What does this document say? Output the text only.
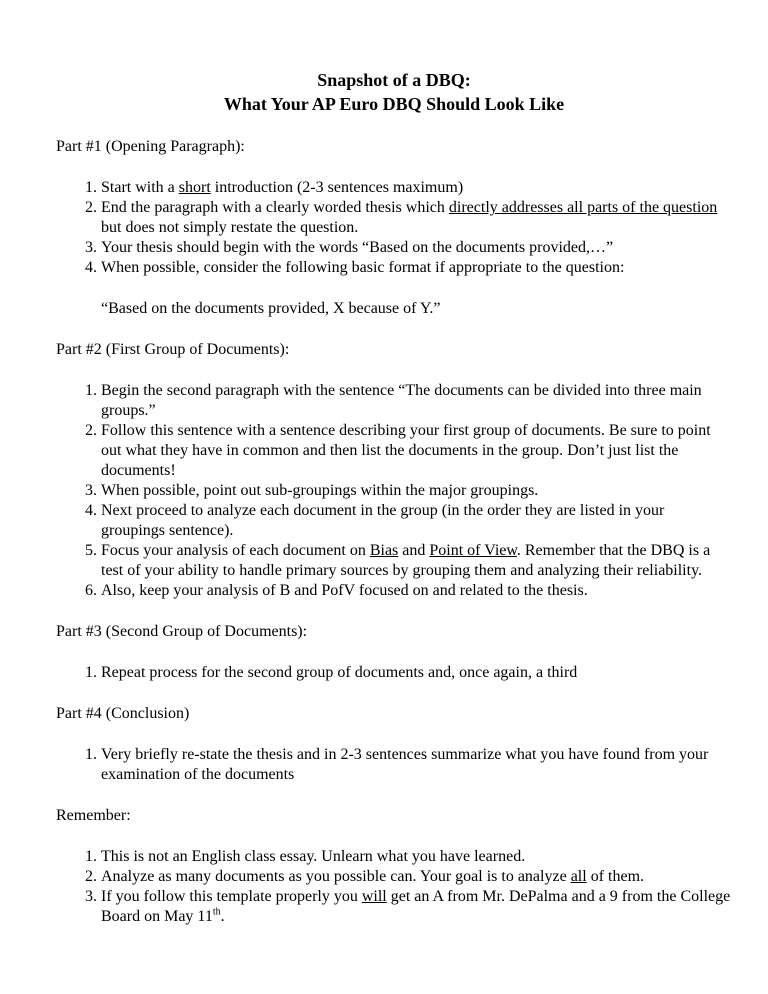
Snapshot of a DBQ:
What Your AP Euro DBQ Should Look Like
Part #1 (Opening Paragraph):
1. Start with a short introduction (2-3 sentences maximum)
2. End the paragraph with a clearly worded thesis which directly addresses all parts of the question but does not simply restate the question.
3. Your thesis should begin with the words “Based on the documents provided,…”
4. When possible, consider the following basic format if appropriate to the question:
“Based on the documents provided, X because of Y.”
Part #2 (First Group of Documents):
1. Begin the second paragraph with the sentence “The documents can be divided into three main groups.”
2. Follow this sentence with a sentence describing your first group of documents. Be sure to point out what they have in common and then list the documents in the group. Don’t just list the documents!
3. When possible, point out sub-groupings within the major groupings.
4. Next proceed to analyze each document in the group (in the order they are listed in your groupings sentence).
5. Focus your analysis of each document on Bias and Point of View. Remember that the DBQ is a test of your ability to handle primary sources by grouping them and analyzing their reliability.
6. Also, keep your analysis of B and PofV focused on and related to the thesis.
Part #3 (Second Group of Documents):
1. Repeat process for the second group of documents and, once again, a third
Part #4 (Conclusion)
1. Very briefly re-state the thesis and in 2-3 sentences summarize what you have found from your examination of the documents
Remember:
1. This is not an English class essay. Unlearn what you have learned.
2. Analyze as many documents as you possible can. Your goal is to analyze all of them.
3. If you follow this template properly you will get an A from Mr. DePalma and a 9 from the College Board on May 11th.
